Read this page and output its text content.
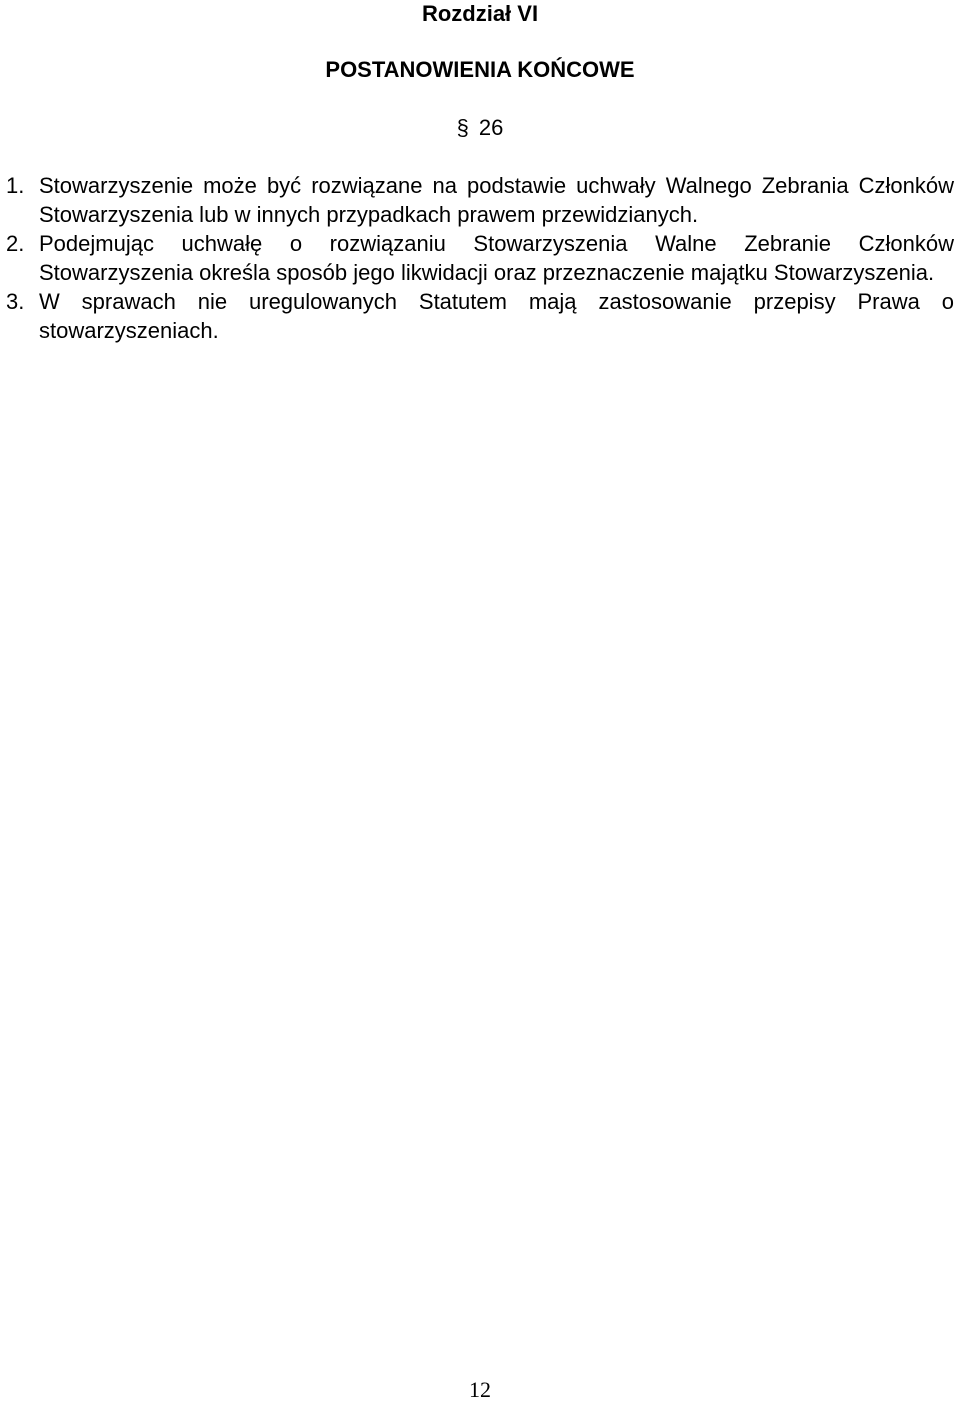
Rozdział VI
POSTANOWIENIA KOŃCOWE
§ 26
1. Stowarzyszenie może być rozwiązane na podstawie uchwały Walnego Zebrania Członków Stowarzyszenia lub w innych przypadkach prawem przewidzianych.
2. Podejmując uchwałę o rozwiązaniu Stowarzyszenia Walne Zebranie Członków Stowarzyszenia określa sposób jego likwidacji oraz przeznaczenie majątku Stowarzyszenia.
3. W sprawach nie uregulowanych Statutem mają zastosowanie przepisy Prawa o stowarzyszeniach.
12
